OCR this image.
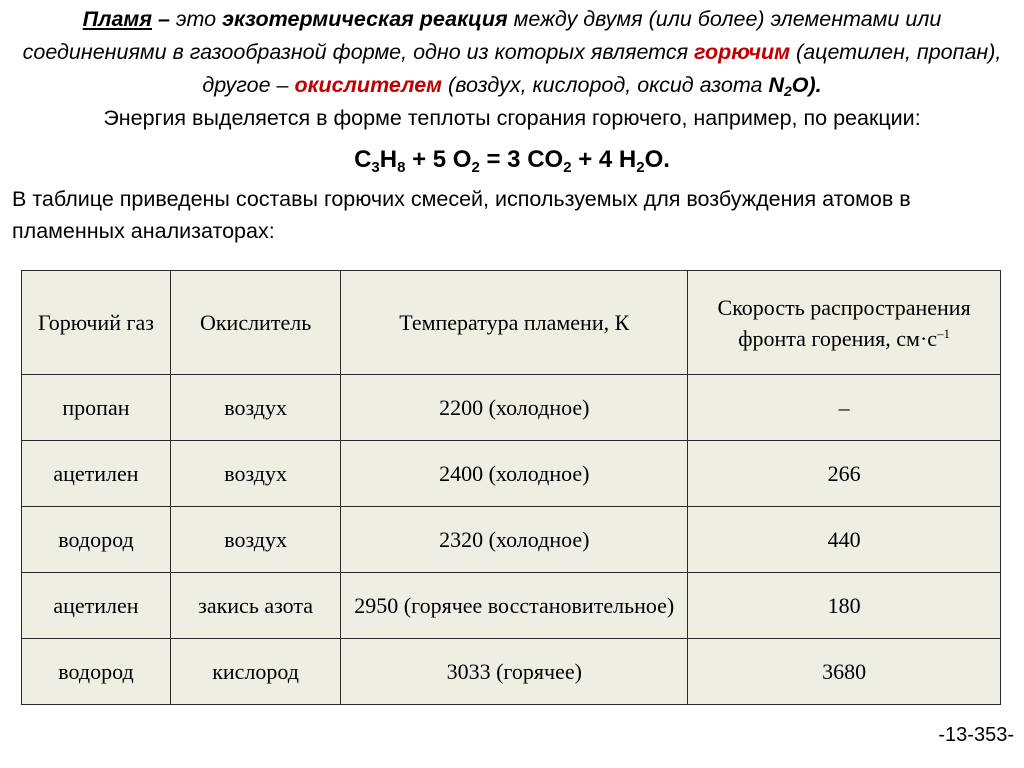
Пламя – это экзотермическая реакция между двумя (или более) элементами или соединениями в газообразной форме, одно из которых является горючим (ацетилен, пропан), другое – окислителем (воздух, кислород, оксид азота $N_2O$).
Энергия выделяется в форме теплоты сгорания горючего, например, по реакции:
$C_3H_8 + 5$ $O_2 = 3$ $CO_2 + 4$ $H_2O$.
В таблице приведены составы горючих смесей, используемых для возбуждения атомов в пламенных анализаторах:
Горючий газ	Окислитель	Температура пламени, К	Скорость распространения фронта горения, $см\cdot с^{-1}$
пропан	воздух	2200 (холодное)	–
ацетилен	воздух	2400 (холодное)	266
водород	воздух	2320 (холодное)	440
ацетилен	закись азота	2950 (горячее восстановительное)	180
водород	кислород	3033 (горячее)	3680
-13-353-
